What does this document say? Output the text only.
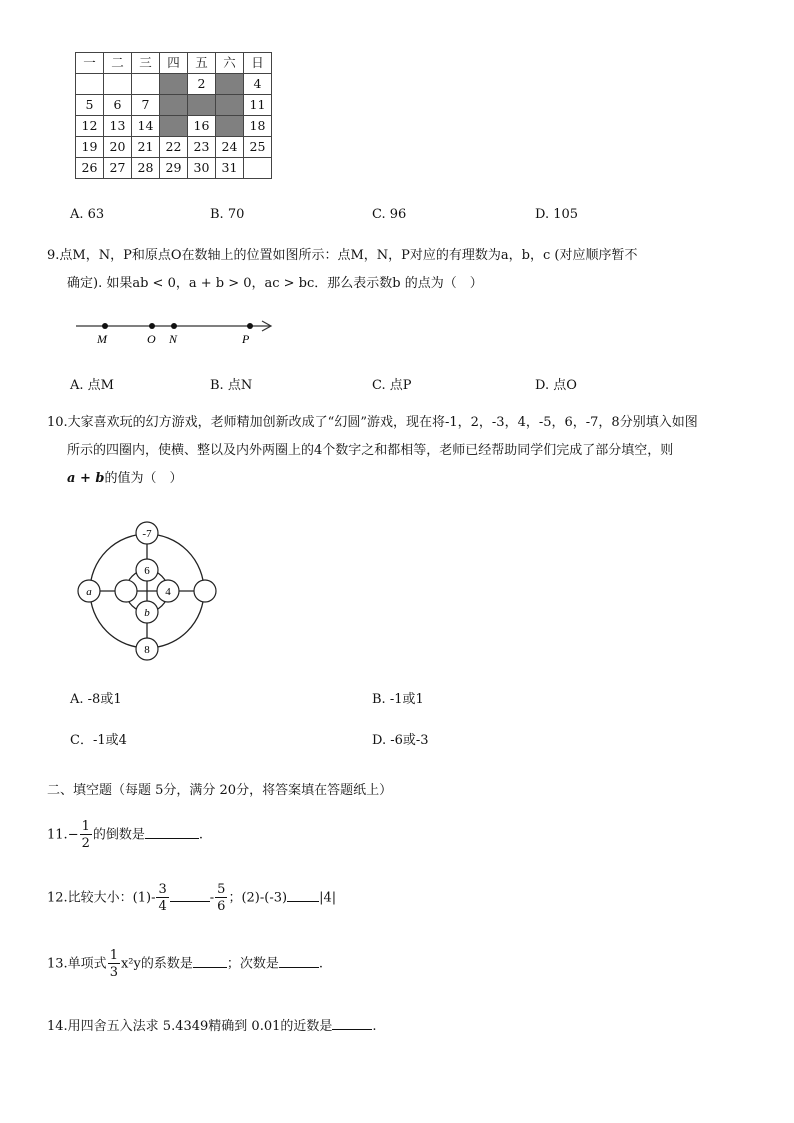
一	二	三	四	五	六	日
				2		4
5	6	7				11
12	13	14		16		18
19	20	21	22	23	24	25
26	27	28	29	30	31	
A. 63	B. 70	C. 96	D. 105
9.点M，N，P和原点O在数轴上的位置如图所示：点M，N，P对应的有理数为a，b，c (对应顺序暂不
确定). 如果ab < 0，a + b > 0，ac > bc．那么表示数b 的点为（　）
M	O N	P
A. 点M	B. 点N	C. 点P	D. 点O
10.大家喜欢玩的幻方游戏，老师精加创新改成了“幻圆”游戏，现在将-1，2，-3，4，-5，6，-7，8分别填入如图
所示的四圈内，使横、整以及内外两圈上的4个数字之和都相等，老师已经帮助同学们完成了部分填空，则
a + b的值为（　）
-7
8
a
6
4
b
A. -8或1	B. -1或1
C．-1或4	D. -6或-3
二、填空题（每题 5分，满分 20分，将答案填在答题纸上）
$11.- \frac{1}{2}$ 的倒数是	.
12.比较大小：$(1)- \frac{3}{4}$	- $\frac{5}{6}$ ；(2)-(-3) |4|
13.单项式 $\frac{1}{3} x^2y$的系数是	；次数是	.
14.用四舍五入法求 5.4349精确到 0.01的近数是	.
